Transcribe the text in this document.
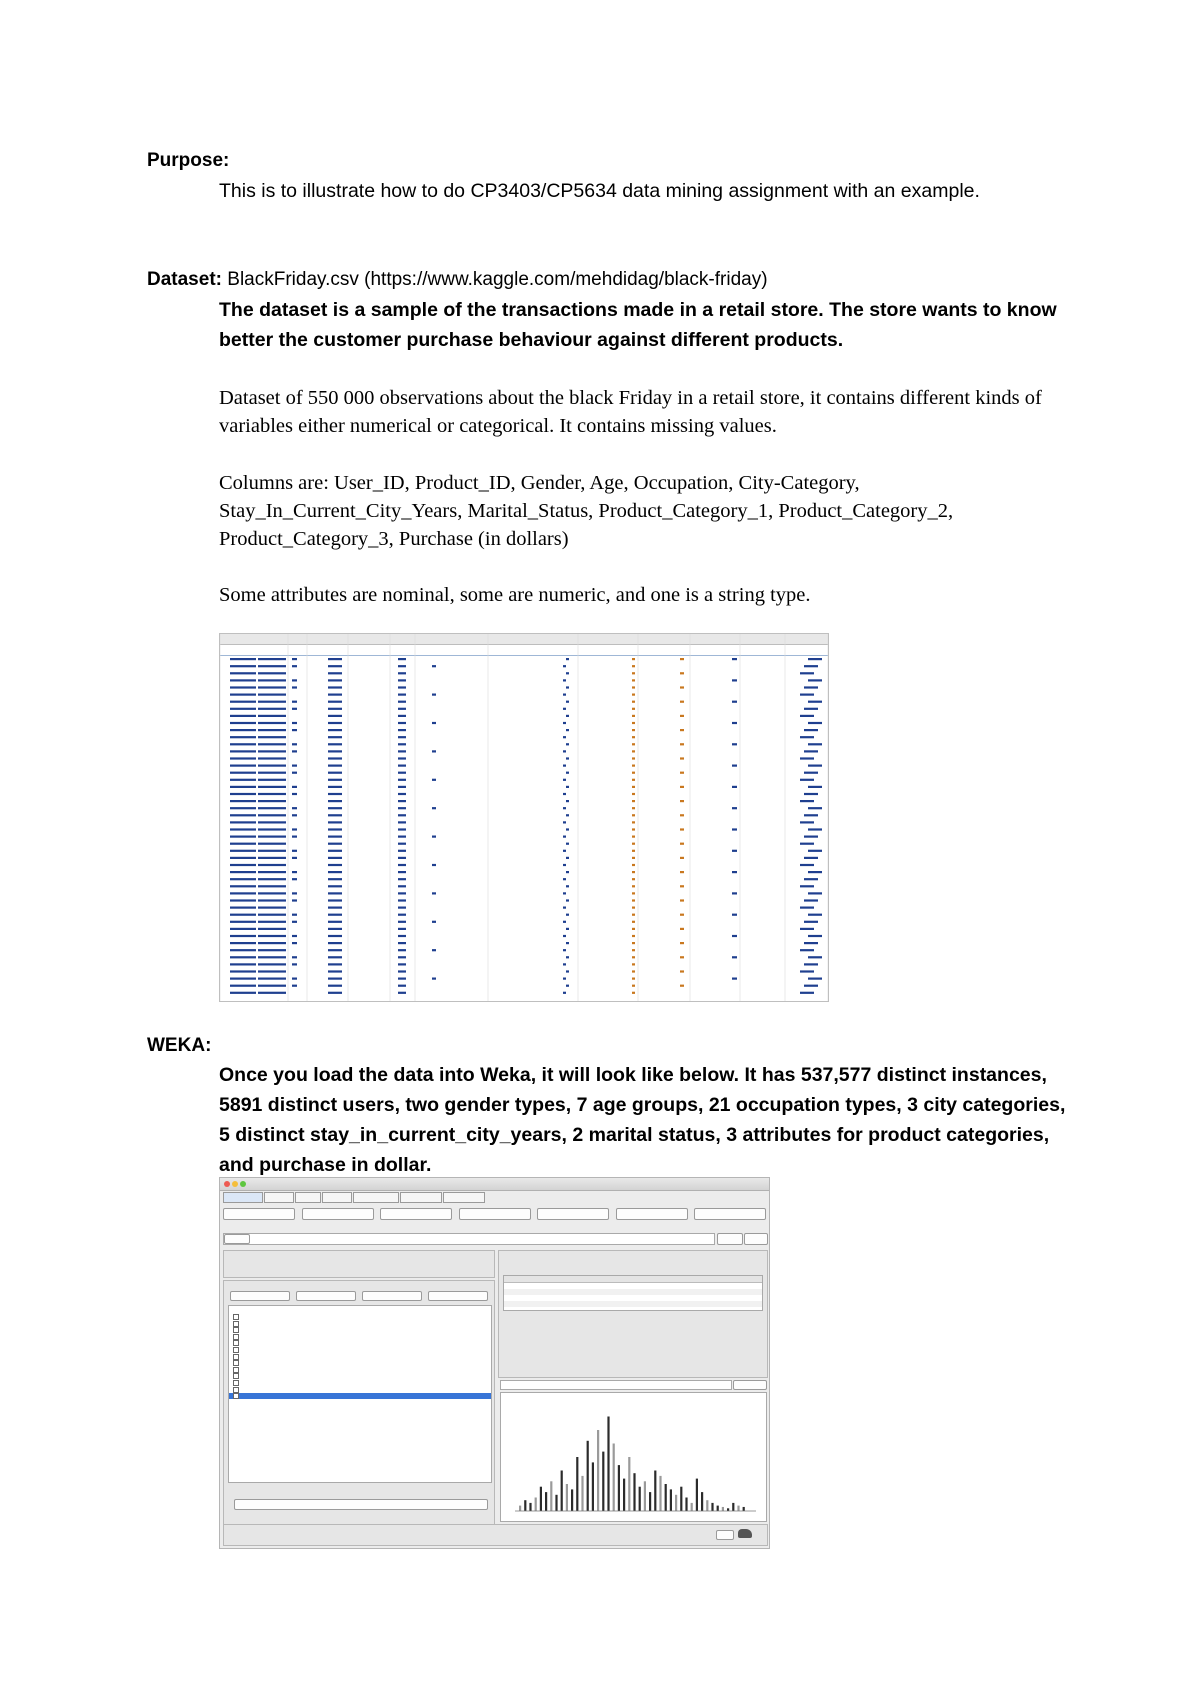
Purpose:
This is to illustrate how to do CP3403/CP5634 data mining assignment with an example.
Dataset: BlackFriday.csv (https://www.kaggle.com/mehdidag/black-friday)
The dataset is a sample of the transactions made in a retail store. The store wants to know better the customer purchase behaviour against different products.
Dataset of 550 000 observations about the black Friday in a retail store, it contains different kinds of variables either numerical or categorical. It contains missing values.
Columns are: User_ID, Product_ID, Gender, Age, Occupation, City-Category, Stay_In_Current_City_Years, Marital_Status, Product_Category_1, Product_Category_2, Product_Category_3, Purchase (in dollars)
Some attributes are nominal, some are numeric, and one is a string type.
WEKA:
Once you load the data into Weka, it will look like below. It has 537,577 distinct instances, 5891 distinct users, two gender types, 7 age groups, 21 occupation types, 3 city categories, 5 distinct stay_in_current_city_years, 2 marital status, 3 attributes for product categories, and purchase in dollar.
